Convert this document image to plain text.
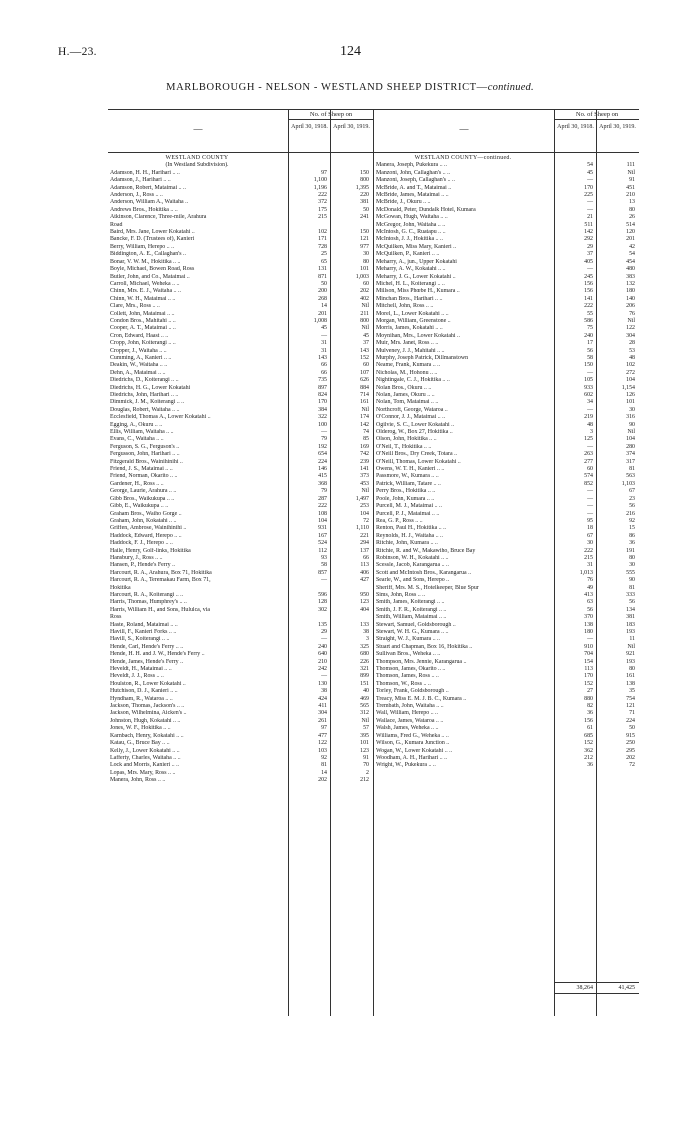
H.—23.	124
MARLBOROUGH - NELSON - WESTLAND SHEEP DISTRICT—continued.
—
No. of Sheep on
April 30, 1918. April 30, 1919.
WESTLAND COUNTY
(In Westland Subdivision).
Adamson, H. H., Harihari .. ..	97	150
Adamson, J., Harihari .. ..	1,100	800
Adamson, Robert, Mataimai .. ..	1,196	1,395
Anderson, J., Ross .. ..	222	220
Anderson, William A., Waitaha ..	372	381
Andrews Bros., Hokitika .. ..	175	50
Atkinson, Clarence, Three-mile, Arahura	215	241
Road
Baird, Mrs. Jane, Lower Kokatahi ..	102	150
Bancke, F. D. (Trustees of), Kanieri	171	121
Berry, William, Herepo .. ..	728	977
Biddington, A. E., Callaghan's ..	25	30
Bonar, V. W. M., Hokitika .. ..	65	80
Boyle, Michael, Bowen Road, Ross	131	101
Butler, John, and Co., Mataimai ..	871	1,003
Carroll, Michael, Weheka .. ..	50	60
Chinn, Mrs. E. J., Waitaha .. ..	200	202
Chinn, W. H., Mataimai .. ..	268	402
Clare, Mrs., Ross .. ..	14	Nil
Collett, John, Mataimai .. ..	201	211
Condon Bros., Mahitahi .. ..	1,008	800
Cooper, A. T., Mataimai .. ..	45	Nil
Cron, Edward, Haast .. ..	—	45
Cropp, John, Koiterangi .. ..	31	37
Cropper, J., Waitaha .. ..	31	143
Cumming, A., Kanieri .. ..	143	152
Deakin, W., Waitaha .. ..	66	60
Dehn, A., Mataimai .. ..	66	107
Diedrichs, D., Koiterangi .. ..	735	626
Diedrichs, H. G., Lower Kokatahi	897	884
Diedrichs, John, Harihari .. ..	824	714
Dimmick, J. M., Koiterangi .. ..	170	161
Douglas, Robert, Waitaha .. ..	384	Nil
Ecclesfield, Thomas A., Lower Kokatahi ..	322	174
Egging, A., Okuru .. ..	100	142
Ellis, William, Waitaha .. ..	—	74
Evans, C., Waitaha .. ..	79	85
Ferguson, S. G., Ferguson's ..	192	169
Fergusson, John, Harihari .. ..	654	742
Fitzgerald Bros., Wainihinihi ..	224	239
Friend, J. S., Mataimai .. ..	146	141
Friend, Norman, Okarito .. ..	415	373
Gardener, H., Ross .. ..	368	453
George, Laurie, Arahura .. ..	79	Nil
Gibb Bros., Waikukupa .. ..	287	1,497
Gibb, E., Waikukupa .. ..	222	253
Graham Bros., Waiho Gorge ..	108	104
Graham, John, Kokatahi .. ..	104	72
Griffen, Ambrose, Wainihinihi ..	931	1,110
Haddock, Edward, Herepo .. ..	167	221
Haddock, F. J., Herepo .. ..	524	294
Haile, Henry, Golf-links, Hokitika	112	137
Hansbury, J., Ross .. ..	93	66
Hansen, P., Hende's Ferry ..	58	113
Harcourt, R. A., Arahura, Box 71, Hokitika	857	406
Harcourt, R. A., Teremakau Farm, Box 71,	—	427
Hokitika
Harcourt, R. A., Koiterangi .. ..	596	950
Harris, Thomas, Humphrey's .. ..	128	123
Harris, William H., and Sons, Hululca, via	302	404
Ross
Haste, Roland, Mataimai .. ..	135	133
Havill, F., Kanieri Forks .. ..	29	38
Havill, S., Koiterangi .. ..	—	3
Hende, Carl, Hende's Ferry .. ..	240	325
Hende, H. H. and J. W., Hende's Ferry ..	640	680
Hende, James, Hende's Ferry ..	210	226
Heveldt, H., Mataimai .. ..	242	321
Heveldt, J. J., Ross .. ..	—	899
Houlston, R., Lower Kokatahi ..	130	151
Hutchison, D. J., Kanieri .. ..	38	40
Hyndham, R., Wataroa .. ..	424	469
Jackson, Thomas, Jackson's .. ..	411	565
Jackson, Wilhelmina, Aicken's ..	304	312
Johnston, Hugh, Kokatahi .. ..	261	Nil
Jones, W. F., Hokitika .. ..	97	57
Karnbach, Henry, Kokatahi .. ..	477	395
Katau, G., Bruce Bay .. ..	122	101
Kelly, J., Lower Kokatahi .. ..	103	123
Lafferty, Charles, Waitaha .. ..	92	91
Lock and Morris, Kanieri .. ..	81	70
Lopas, Mrs. Mary, Ross .. ..	14	2
Manera, John, Ross .. ..	202	212
—
No. of Sheep on
April 30, 1918. April 30, 1919.
WESTLAND COUNTY—continued.
Manera, Joseph, Pukekura .. ..	54	111
Manzoni, John, Callaghan's .. ..	45	Nil
Manzoni, Joseph, Callaghan's .. ..	—	91
McBride, A. and T., Mataimai ..	170	451
McBride, James, Mataimai .. ..	225	210
McBride, J., Okuru .. ..	—	13
McDonald, Peter, Dundalk Hotel, Kumara	—	80
McGowan, Hugh, Waitaha .. ..	21	26
McGregor, John, Waitaha .. ..	511	514
McIntosh, G. C., Ruatapu .. ..	142	120
McIntosh, J. J., Hokitika .. ..	292	201
McQuilken, Miss Mary, Kanieri ..	29	42
McQuilken, P., Kanieri .. ..	37	54
Meharry, A., jun., Upper Kokatahi	405	454
Meharry, A. W., Kokatahi .. ..	—	480
Meharry, J. G., Lower Kokatahi ..	245	383
Michel, H. L., Koiterangi .. ..	156	132
Millson, Miss Phœbe H., Kumara ..	156	180
Minchan Bros., Harihari .. ..	141	140
Mitchell, John, Ross .. ..	222	206
Morel, L., Lower Kokatahi .. ..	55	76
Morgan, William, Greenstone ..	586	Nil
Morris, James, Kokatahi .. ..	75	122
Moynihan, Mrs., Lower Kokatahi ..	240	304
Muir, Mrs. Janet, Ross .. ..	17	28
Mulveney, J. J., Mahitahi .. ..	56	53
Murphy, Joseph Patrick, Dillmanstown	58	48
Neame, Frank, Kumara .. ..	150	102
Nicholas, M., Hohonu .. ..	—	272
Nightingale, C. J., Hokitika .. ..	105	104
Nolan Bros., Okuru .. ..	933	1,154
Nolan, James, Okuru .. ..	602	126
Nolan, Tom, Mataimai .. ..	34	101
Northcroft, George, Wataroa ..	—	30
O'Connor, J. J., Mataimai .. ..	219	316
Ogilvie, S. C., Lower Kokatahi ..	48	90
Olderog, W., Box 27, Hokitika ..	3	Nil
Olson, John, Hokitika .. ..	125	104
O'Neil, T., Hokitika .. ..	—	280
O'Neill Bros., Dry Creek, Totara ..	263	374
O'Neill, Thomas, Lower Kokatahi ..	277	317
Owens, W. T. H., Kanieri .. ..	60	81
Passmore, W., Kumara .. ..	574	563
Patrick, William, Tatare .. ..	852	1,103
Perry Bros., Hokitika .. ..	—	67
Poole, John, Kumara .. ..	—	23
Purcell, M. J., Mataimai .. ..	—	56
Purcell, P. J., Mataimai .. ..	—	216
Rea, G. P., Ross .. ..	95	92
Renton, Paul H., Hokitika .. ..	18	15
Reynolds, H. J., Waitaha .. ..	67	86
Ritchie, John, Kumara .. ..	30	36
Ritchie, R. and W., Makawiho, Bruce Bay	222	191
Robinson, W. H., Kokatahi .. ..	215	80
Scessle, Jacob, Karangarua .. ..	31	30
Scott and McIntosh Bros., Karangarua ..	1,013	555
Searle, W., and Sons, Herepo ..	76	90
Sheriff, Mrs. M. S., Hotelkeeper, Blue Spur	49	81
Sims, John, Ross .. ..	413	333
Smith, James, Koiterangi .. ..	63	56
Smith, J. F. R., Koiterangi .. ..	56	134
Smith, William, Mataimai .. ..	370	381
Stewart, Samuel, Goldsborough ..	138	183
Stewart, W. H. G., Kumara .. ..	180	193
Straight, W. J., Kumara .. ..	—	11
Stuart and Chapman, Box 16, Hokitika ..	910	Nil
Sullivan Bros., Weheka .. ..	704	921
Thompson, Mrs. Jennie, Karangarua ..	154	193
Thomson, James, Okarito .. ..	113	80
Thomson, James, Ross .. ..	170	161
Thomson, W., Ross .. ..	152	138
Torley, Frank, Goldsborough ..	27	35
Treacy, Miss E. M. J. B. C., Kumara ..	880	754
Trembath, John, Waitaha .. ..	82	121
Wall, William, Herepo .. ..	36	71
Wallace, James, Wataroa .. ..	156	224
Walsh, James, Weheka .. ..	61	50
Williams, Fred G., Weheka .. ..	685	915
Wilson, G., Kumara Junction ..	152	250
Wogan, W., Lower Kokatahi .. ..	362	295
Woodham, A. H., Harihari .. ..	212	202
Wright, W., Pukekura .. ..	36	72
38,264	41,425
